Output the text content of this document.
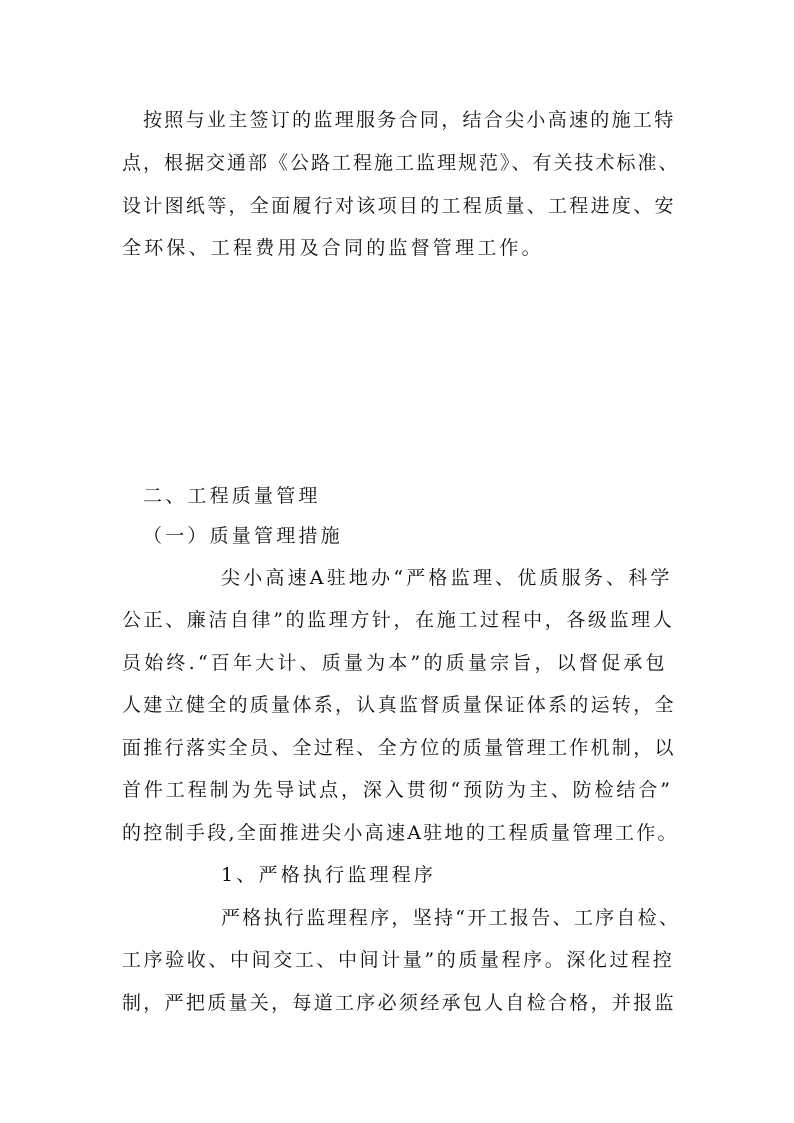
按照与业主签订的监理服务合同，结合尖小高速的施工特
点，根据交通部《公路工程施工监理规范》、有关技术标准、
设计图纸等，全面履行对该项目的工程质量、工程进度、安
全环保、工程费用及合同的监督管理工作。
二、工程质量管理
（一）质量管理措施
尖小高速A驻地办“严格监理、优质服务、科学
公正、廉洁自律”的监理方针，在施工过程中，各级监理人
员始终.“百年大计、质量为本”的质量宗旨，以督促承包
人建立健全的质量体系，认真监督质量保证体系的运转，全
面推行落实全员、全过程、全方位的质量管理工作机制，以
首件工程制为先导试点，深入贯彻“预防为主、防检结合”
的控制手段,全面推进尖小高速A驻地的工程质量管理工作。
1、严格执行监理程序
严格执行监理程序，坚持“开工报告、工序自检、
工序验收、中间交工、中间计量”的质量程序。深化过程控
制，严把质量关，每道工序必须经承包人自检合格，并报监
